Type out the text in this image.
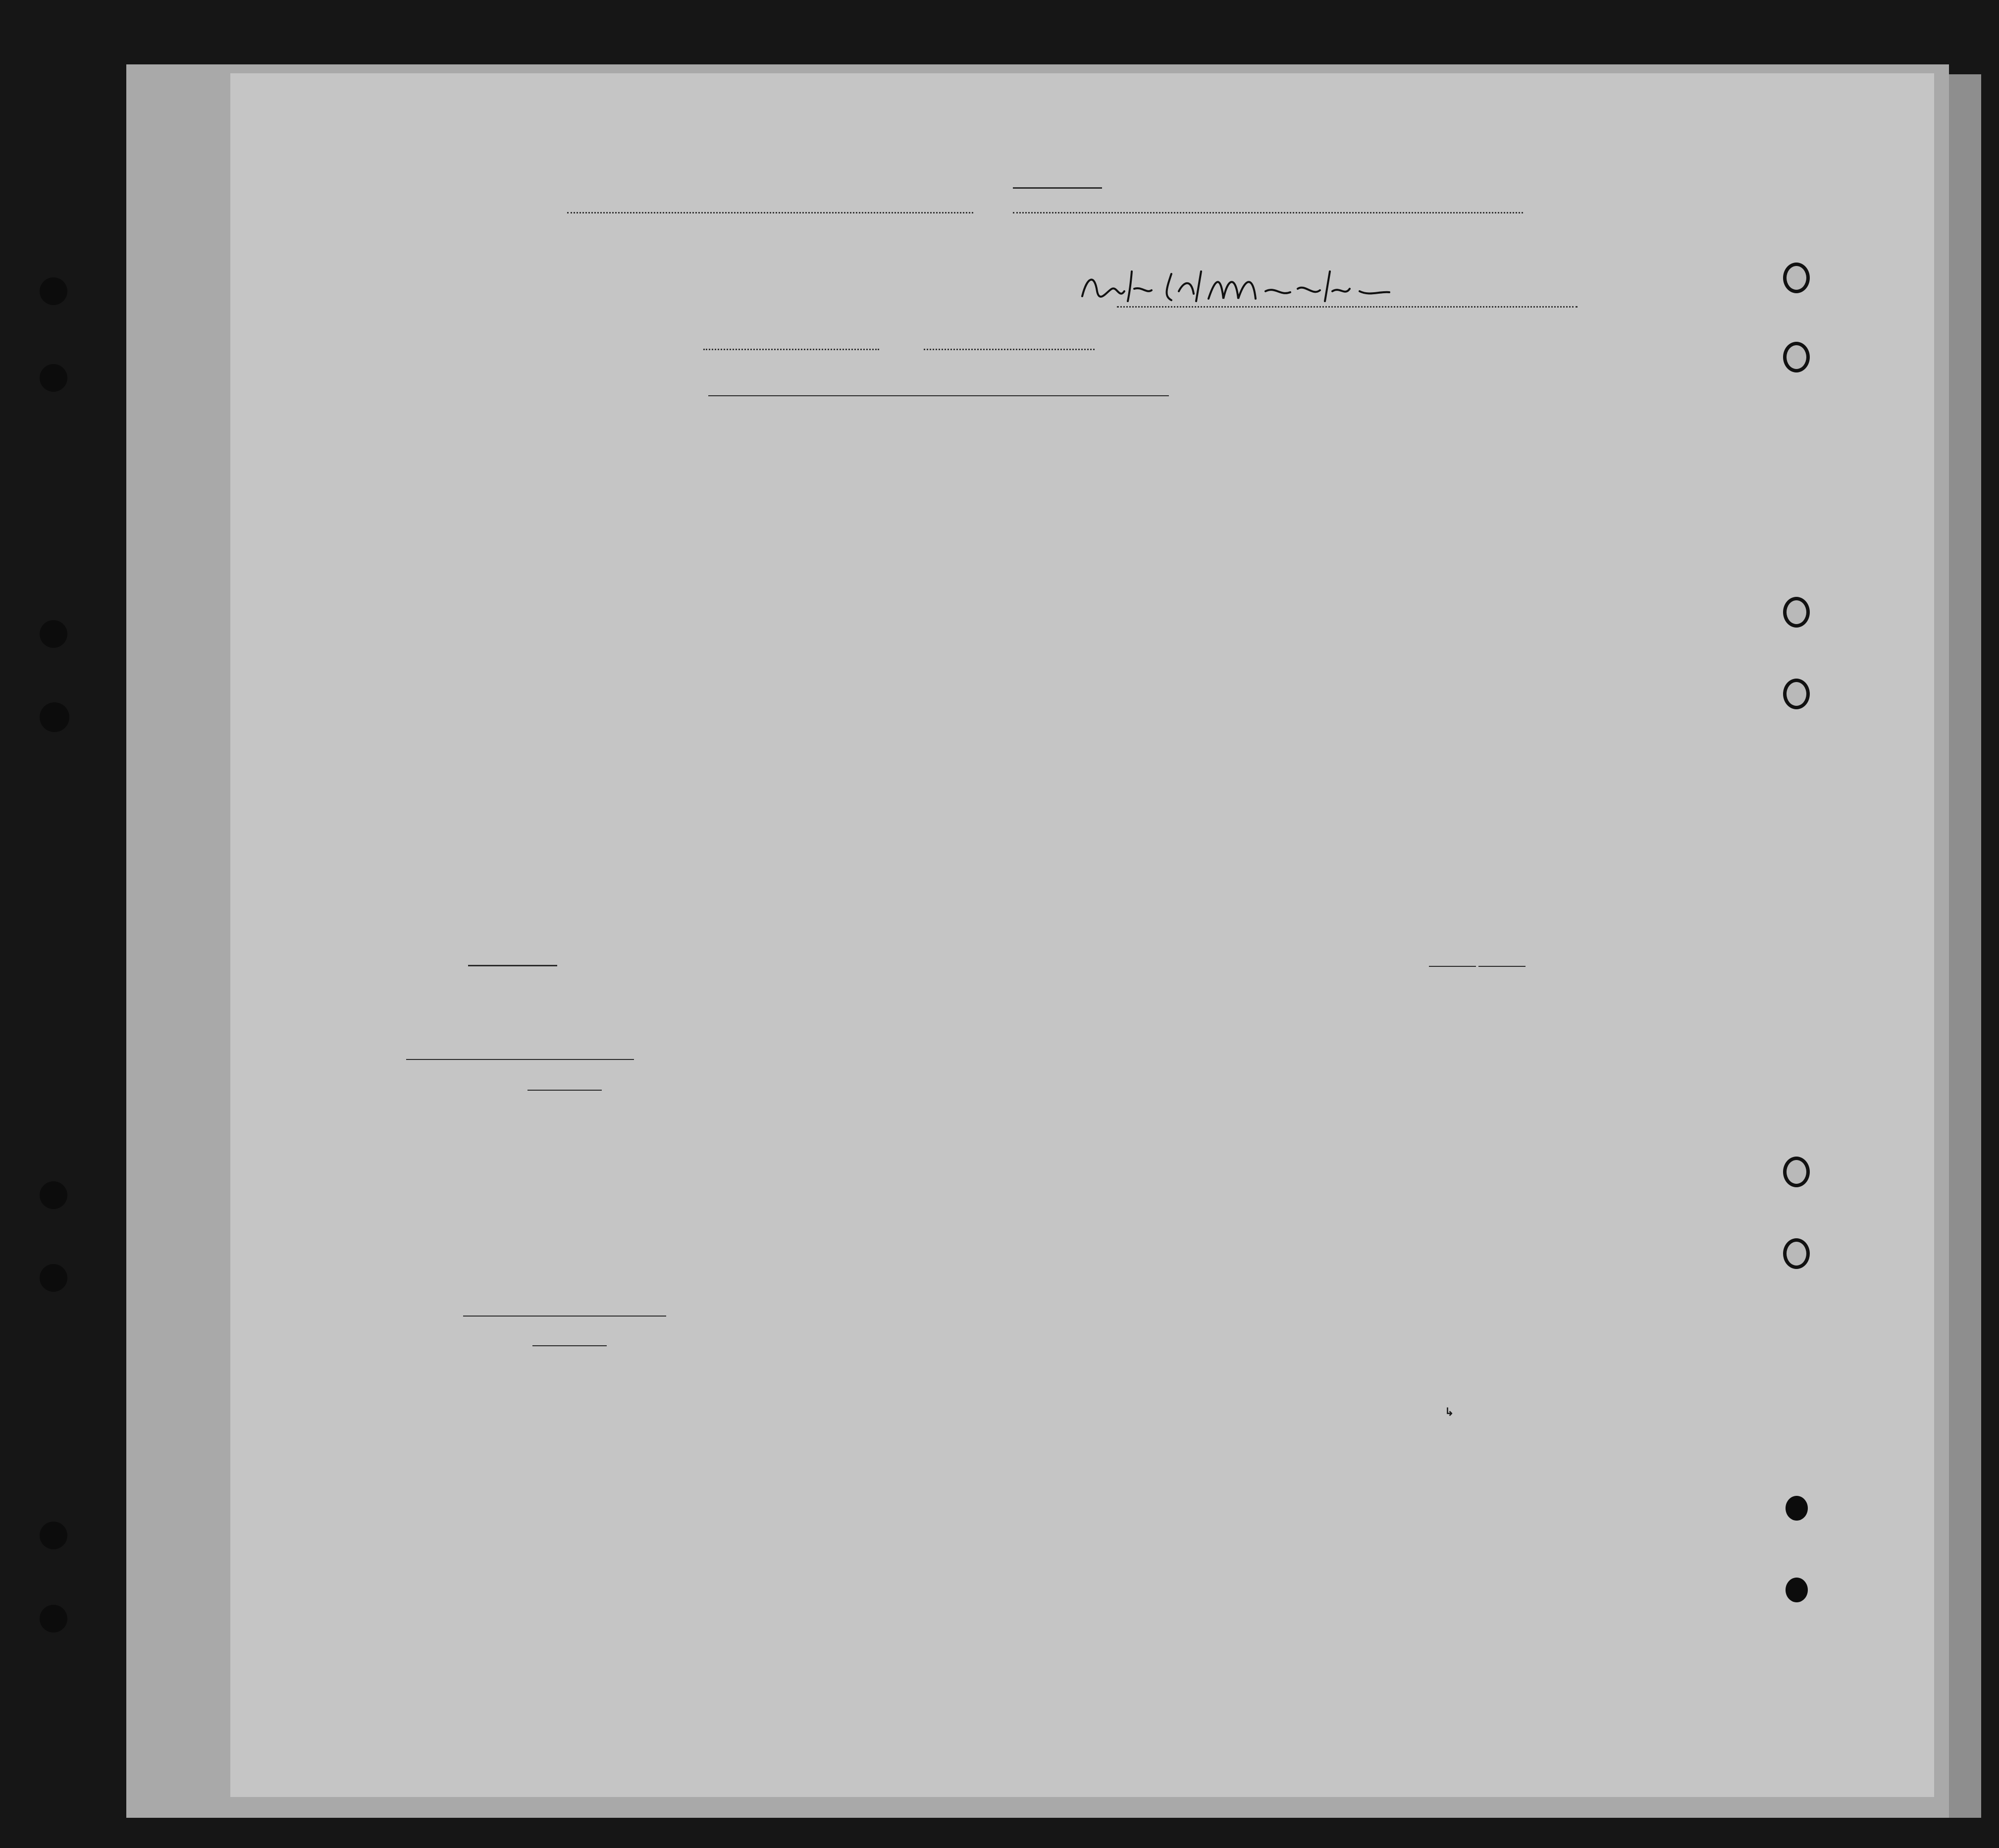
↳
